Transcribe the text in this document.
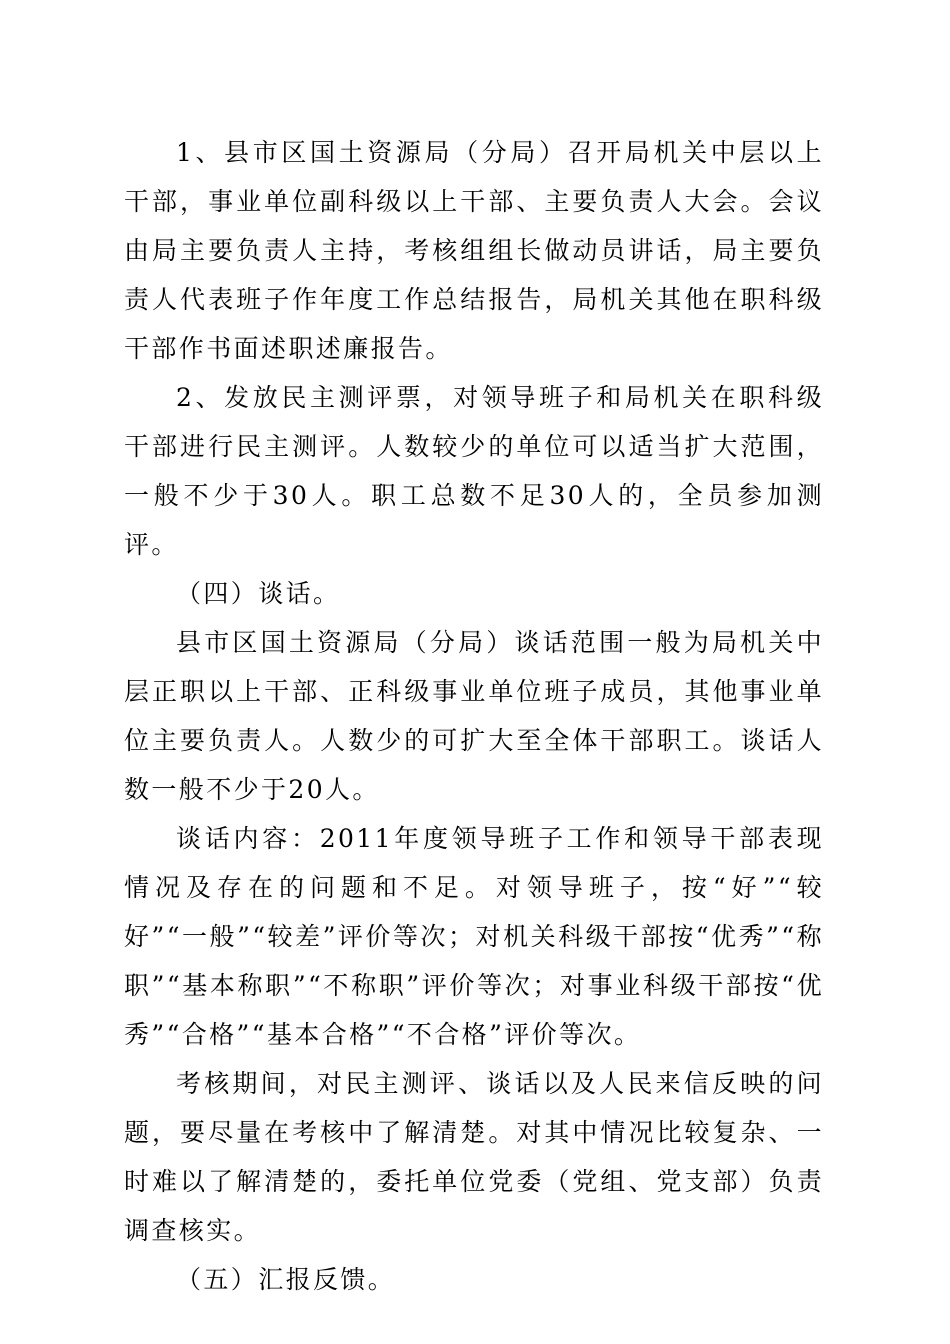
1、县市区国土资源局（分局）召开局机关中层以上干部，事业单位副科级以上干部、主要负责人大会。会议由局主要负责人主持，考核组组长做动员讲话，局主要负责人代表班子作年度工作总结报告，局机关其他在职科级干部作书面述职述廉报告。

2、发放民主测评票，对领导班子和局机关在职科级干部进行民主测评。人数较少的单位可以适当扩大范围，一般不少于30人。职工总数不足30人的，全员参加测评。

（四）谈话。

县市区国土资源局（分局）谈话范围一般为局机关中层正职以上干部、正科级事业单位班子成员，其他事业单位主要负责人。人数少的可扩大至全体干部职工。谈话人数一般不少于20人。

谈话内容：2011年度领导班子工作和领导干部表现情况及存在的问题和不足。对领导班子，按“好”“较好”“一般”“较差”评价等次；对机关科级干部按“优秀”“称职”“基本称职”“不称职”评价等次；对事业科级干部按“优秀”“合格”“基本合格”“不合格”评价等次。

考核期间，对民主测评、谈话以及人民来信反映的问题，要尽量在考核中了解清楚。对其中情况比较复杂、一时难以了解清楚的，委托单位党委（党组、党支部）负责调查核实。

（五）汇报反馈。
